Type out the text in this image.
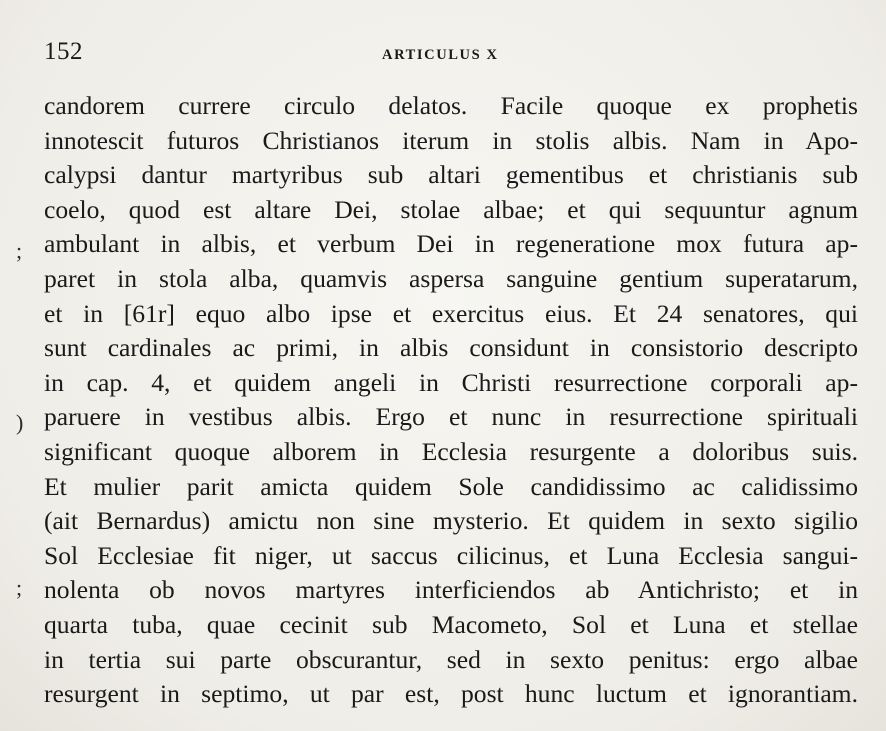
152	ARTICULUS X
;
)
;
candorem currere circulo delatos. Facile quoque ex prophetis
innotescit futuros Christianos iterum in stolis albis. Nam in Apo-
calypsi dantur martyribus sub altari gementibus et christianis sub
coelo, quod est altare Dei, stolae albae; et qui sequuntur agnum
ambulant in albis, et verbum Dei in regeneratione mox futura ap-
paret in stola alba, quamvis aspersa sanguine gentium superatarum,
et in [61r] equo albo ipse et exercitus eius. Et 24 senatores, qui
sunt cardinales ac primi, in albis considunt in consistorio descripto
in cap. 4, et quidem angeli in Christi resurrectione corporali ap-
paruere in vestibus albis. Ergo et nunc in resurrectione spirituali
significant quoque alborem in Ecclesia resurgente a doloribus suis.
Et mulier parit amicta quidem Sole candidissimo ac calidissimo
(ait Bernardus) amictu non sine mysterio. Et quidem in sexto sigilio
Sol Ecclesiae fit niger, ut saccus cilicinus, et Luna Ecclesia sangui-
nolenta ob novos martyres interficiendos ab Antichristo; et in
quarta tuba, quae cecinit sub Macometo, Sol et Luna et stellae
in tertia sui parte obscurantur, sed in sexto penitus: ergo albae
resurgent in septimo, ut par est, post hunc luctum et ignorantiam.
